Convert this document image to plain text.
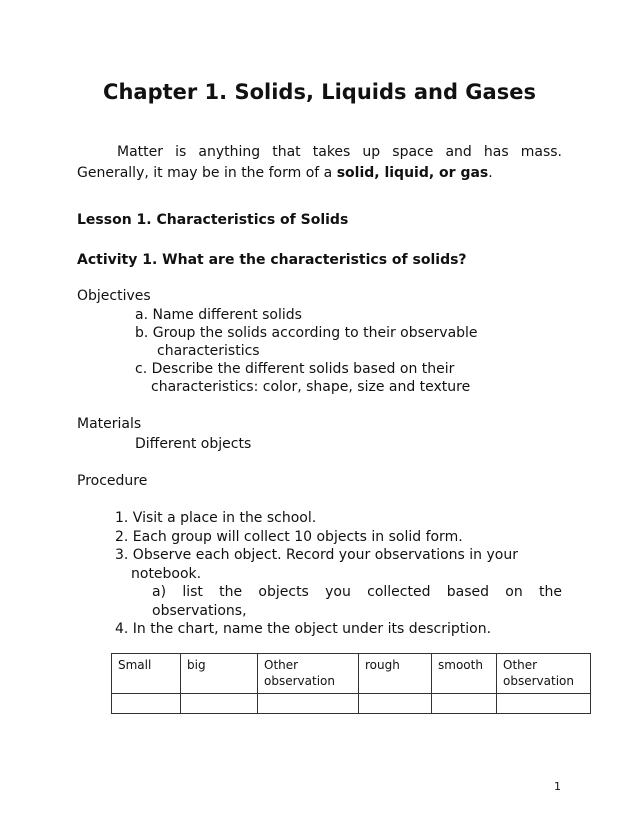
Chapter 1. Solids, Liquids and Gases
Matter is anything that takes up space and has mass.
Generally, it may be in the form of a solid, liquid, or gas.
Lesson 1. Characteristics of Solids
Activity 1. What are the characteristics of solids?
Objectives
a. Name different solids
b. Group the solids according to their observable
characteristics
c. Describe the different solids based on their
characteristics: color, shape, size and texture
Materials
Different objects
Procedure
1. Visit a place in the school.
2. Each group will collect 10 objects in solid form.
3. Observe each object. Record your observations in your
notebook.
a) list the objects you collected based on the
observations,
4. In the chart, name the object under its description.
Small	big	Other observation	rough	smooth	Other observation

1
